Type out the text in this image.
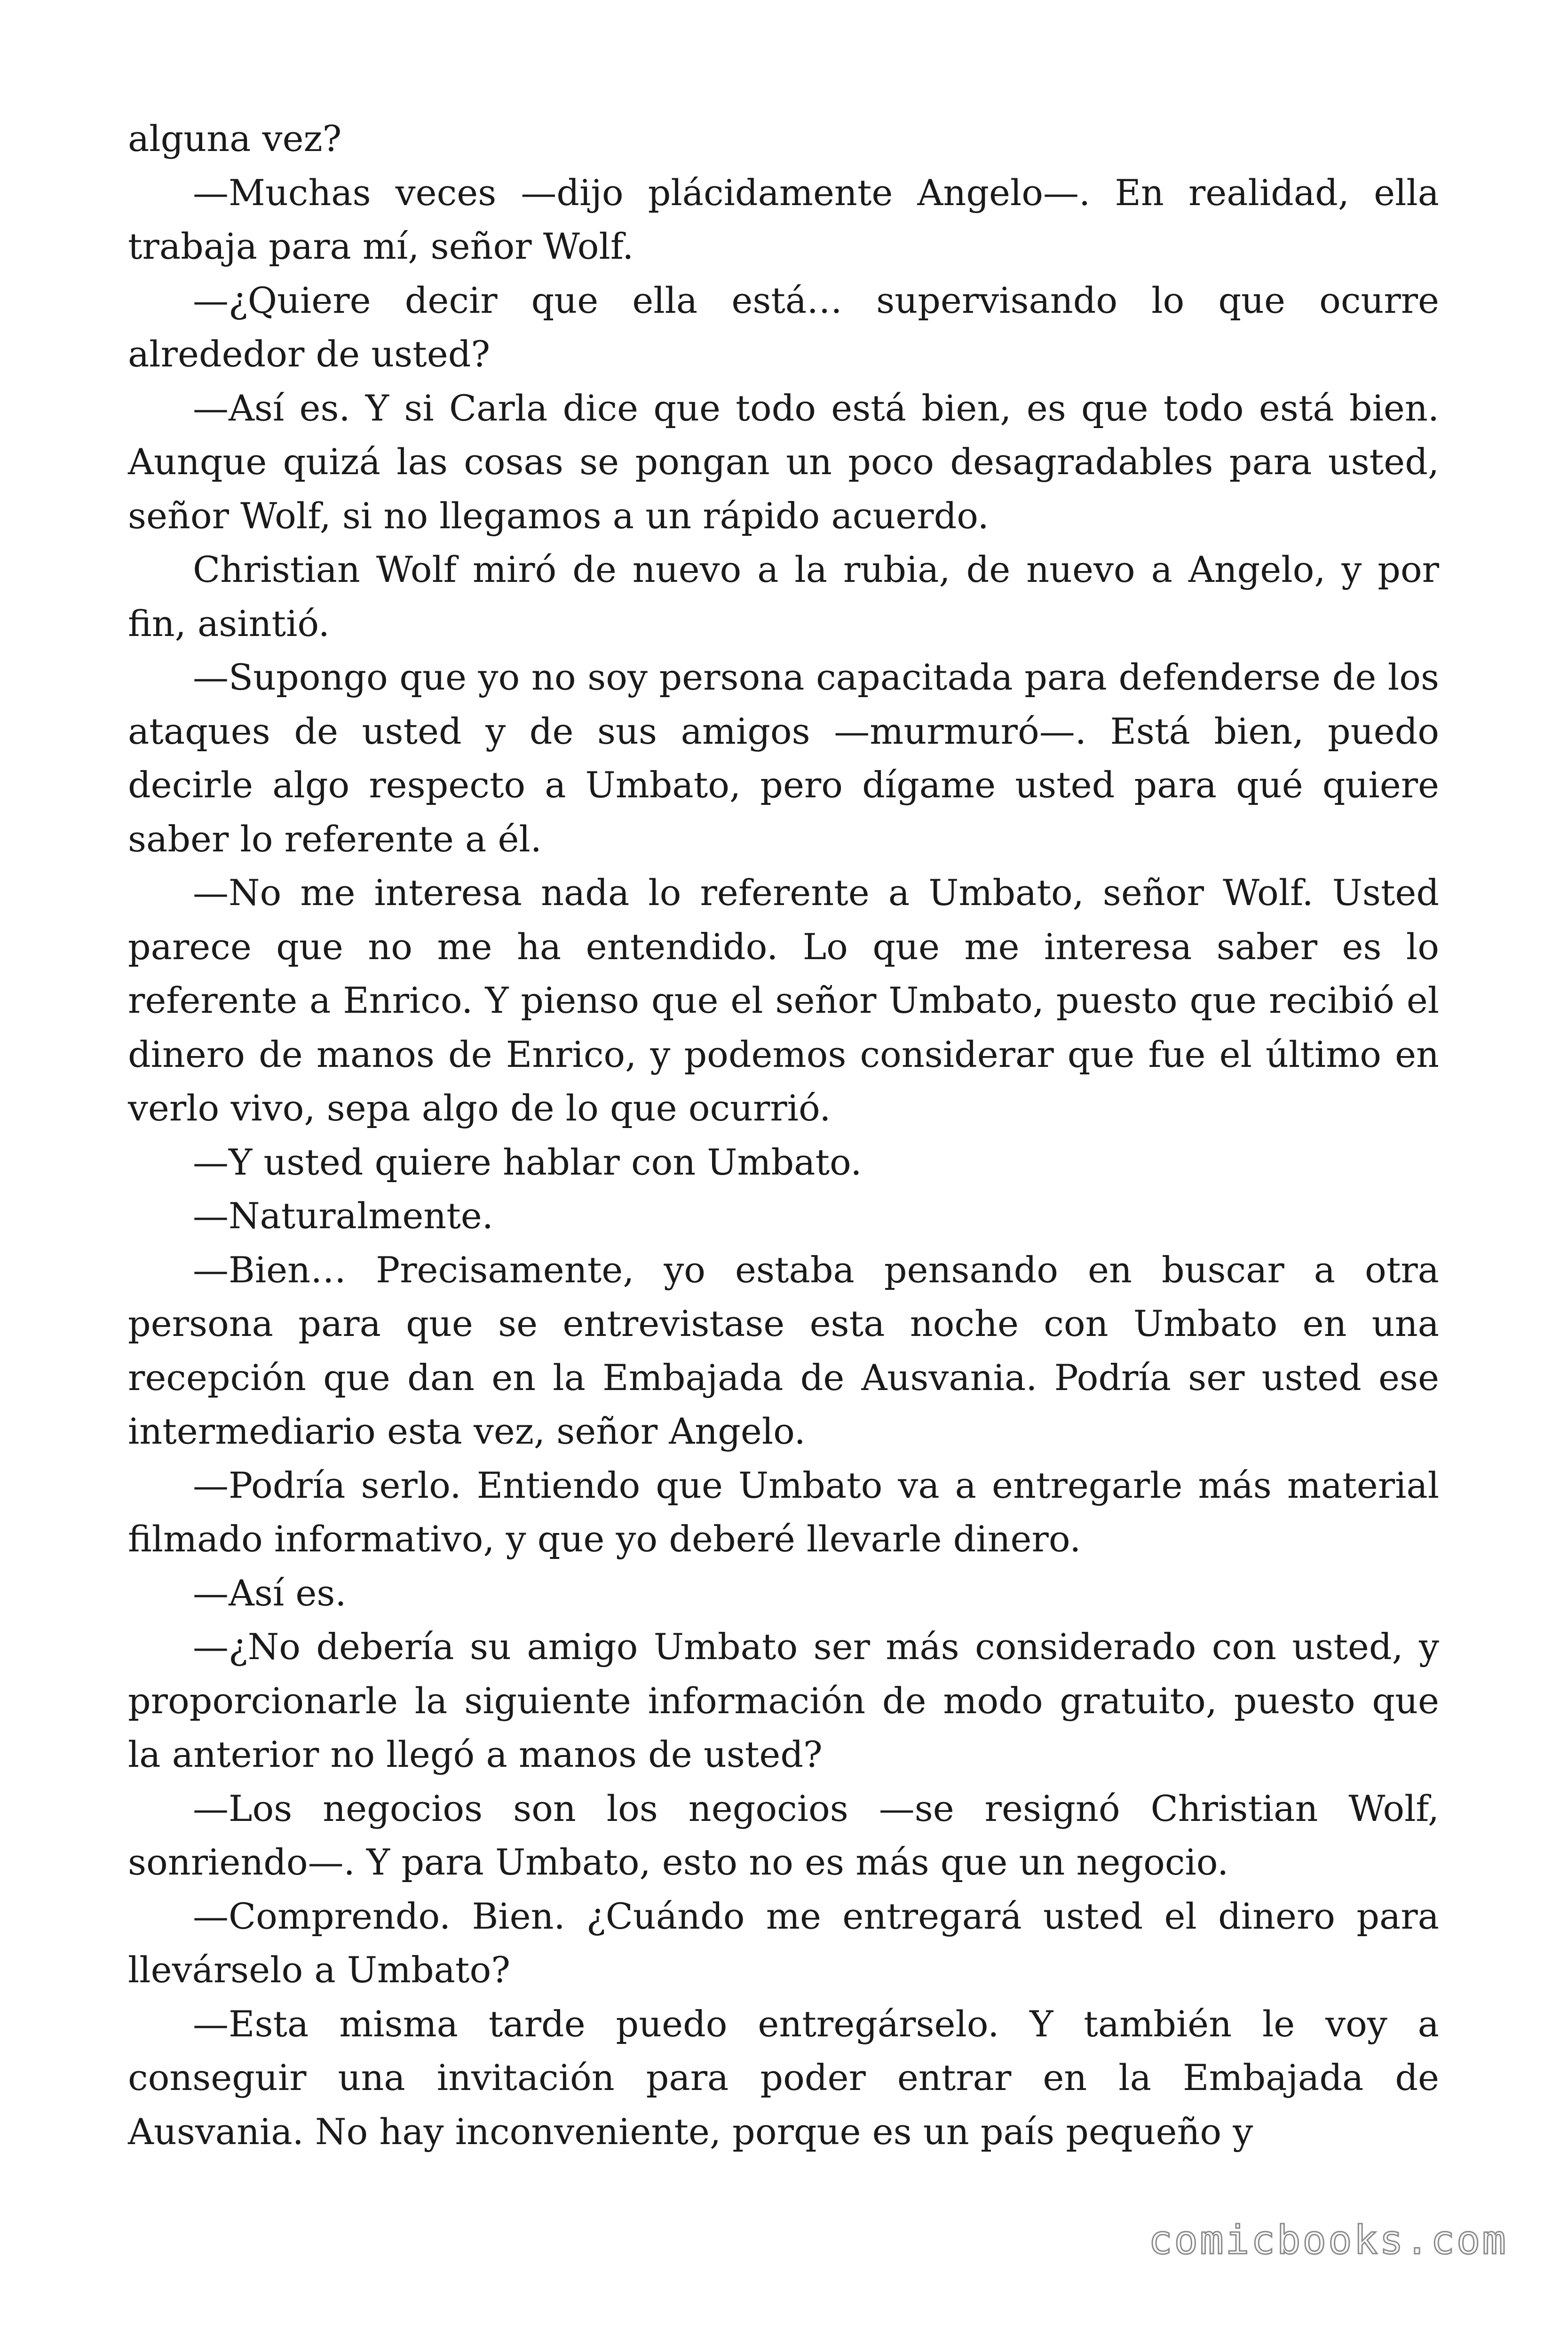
alguna vez?

—Muchas veces —dijo plácidamente Angelo—. En realidad, ella trabaja para mí, señor Wolf.

—¿Quiere decir que ella está… supervisando lo que ocurre alrededor de usted?

—Así es. Y si Carla dice que todo está bien, es que todo está bien. Aunque quizá las cosas se pongan un poco desagradables para usted, señor Wolf, si no llegamos a un rápido acuerdo.

Christian Wolf miró de nuevo a la rubia, de nuevo a Angelo, y por fin, asintió.

—Supongo que yo no soy persona capacitada para defenderse de los ataques de usted y de sus amigos —murmuró—. Está bien, puedo decirle algo respecto a Umbato, pero dígame usted para qué quiere saber lo referente a él.

—No me interesa nada lo referente a Umbato, señor Wolf. Usted parece que no me ha entendido. Lo que me interesa saber es lo referente a Enrico. Y pienso que el señor Umbato, puesto que recibió el dinero de manos de Enrico, y podemos considerar que fue el último en verlo vivo, sepa algo de lo que ocurrió.

—Y usted quiere hablar con Umbato.

—Naturalmente.

—Bien… Precisamente, yo estaba pensando en buscar a otra persona para que se entrevistase esta noche con Umbato en una recepción que dan en la Embajada de Ausvania. Podría ser usted ese intermediario esta vez, señor Angelo.

—Podría serlo. Entiendo que Umbato va a entregarle más material filmado informativo, y que yo deberé llevarle dinero.

—Así es.

—¿No debería su amigo Umbato ser más considerado con usted, y proporcionarle la siguiente información de modo gratuito, puesto que la anterior no llegó a manos de usted?

—Los negocios son los negocios —se resignó Christian Wolf, sonriendo—. Y para Umbato, esto no es más que un negocio.

—Comprendo. Bien. ¿Cuándo me entregará usted el dinero para llevárselo a Umbato?

—Esta misma tarde puedo entregárselo. Y también le voy a conseguir una invitación para poder entrar en la Embajada de Ausvania. No hay inconveniente, porque es un país pequeño y

comicbooks.com
